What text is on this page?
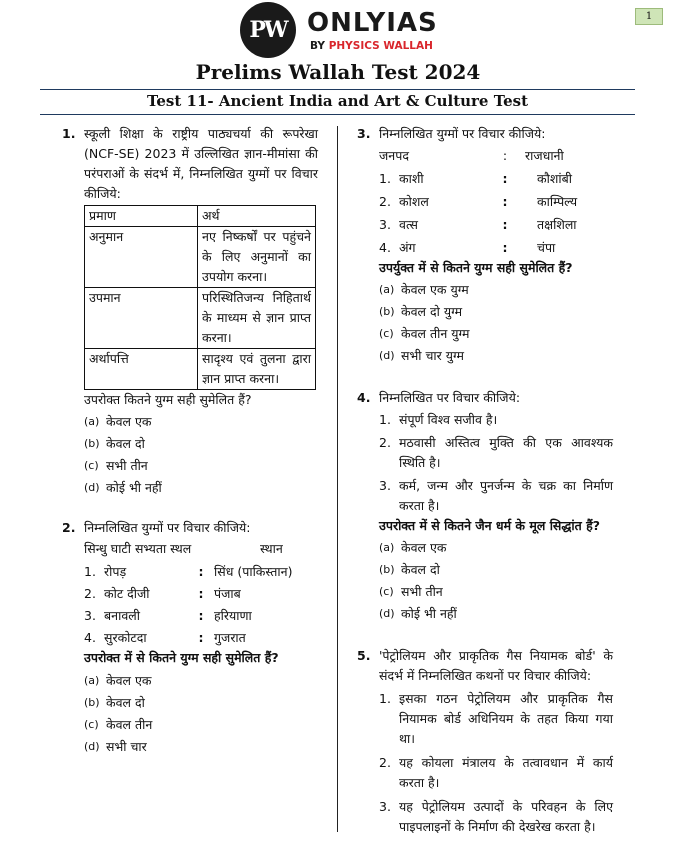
1
PW ONLYIAS
BY PHYSICS WALLAH
Prelims Wallah Test 2024
Test 11- Ancient India and Art & Culture Test
1. स्कूली शिक्षा के राष्ट्रीय पाठ्यचर्या की रूपरेखा (NCF-SE) 2023 में उल्लिखित ज्ञान-मीमांसा की परंपराओं के संदर्भ में, निम्नलिखित युग्मों पर विचार कीजिये:
प्रमाण	अर्थ
अनुमान	नए निष्कर्षों पर पहुंचने के लिए अनुमानों का उपयोग करना।
उपमान	परिस्थितिजन्य निहितार्थ के माध्यम से ज्ञान प्राप्त करना।
अर्थापत्ति	सादृश्य एवं तुलना द्वारा ज्ञान प्राप्त करना।
उपरोक्त कितने युग्म सही सुमेलित हैं?
(a) केवल एक
(b) केवल दो
(c) सभी तीन
(d) कोई भी नहीं
2. निम्नलिखित युग्मों पर विचार कीजिये:
सिन्धु घाटी सभ्यता स्थल	स्थान
1. रोपड़	: सिंध (पाकिस्तान)
2. कोट दीजी	: पंजाब
3. बनावली	: हरियाणा
4. सुरकोटदा	: गुजरात
उपरोक्त में से कितने युग्म सही सुमेलित हैं?
(a) केवल एक
(b) केवल दो
(c) केवल तीन
(d) सभी चार
3. निम्नलिखित युग्मों पर विचार कीजिये:
जनपद	:	राजधानी
1. काशी	:	कौशांबी
2. कोशल	:	काम्पिल्य
3. वत्स	:	तक्षशिला
4. अंग	:	चंपा
उपर्युक्त में से कितने युग्म सही सुमेलित हैं?
(a) केवल एक युग्म
(b) केवल दो युग्म
(c) केवल तीन युग्म
(d) सभी चार युग्म
4. निम्नलिखित पर विचार कीजिये:
1. संपूर्ण विश्व सजीव है।
2. मठवासी अस्तित्व मुक्ति की एक आवश्यक स्थिति है।
3. कर्म, जन्म और पुनर्जन्म के चक्र का निर्माण करता है।
उपरोक्त में से कितने जैन धर्म के मूल सिद्धांत हैं?
(a) केवल एक
(b) केवल दो
(c) सभी तीन
(d) कोई भी नहीं
5. 'पेट्रोलियम और प्राकृतिक गैस नियामक बोर्ड' के संदर्भ में निम्नलिखित कथनों पर विचार कीजिये:
1. इसका गठन पेट्रोलियम और प्राकृतिक गैस नियामक बोर्ड अधिनियम के तहत किया गया था।
2. यह कोयला मंत्रालय के तत्वावधान में कार्य करता है।
3. यह पेट्रोलियम उत्पादों के परिवहन के लिए पाइपलाइनों के निर्माण की देखरेख करता है।
